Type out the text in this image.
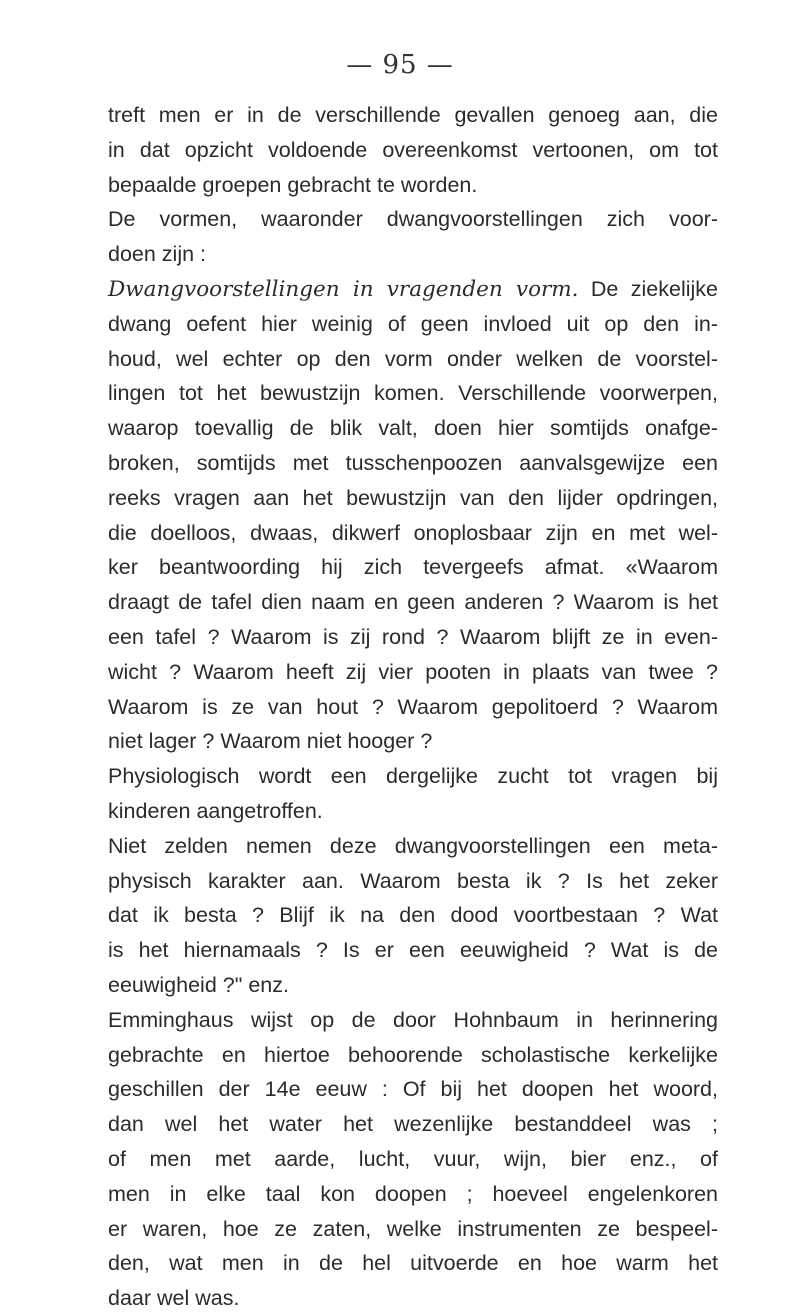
— 95 —
treft men er in de verschillende gevallen genoeg aan, die
in dat opzicht voldoende overeenkomst vertoonen, om tot
bepaalde groepen gebracht te worden.
De vormen, waaronder dwangvoorstellingen zich voor-
doen zijn :
Dwangvoorstellingen in vragenden vorm. De ziekelijke
dwang oefent hier weinig of geen invloed uit op den in-
houd, wel echter op den vorm onder welken de voorstel-
lingen tot het bewustzijn komen. Verschillende voorwerpen,
waarop toevallig de blik valt, doen hier somtijds onafge-
broken, somtijds met tusschenpoozen aanvalsgewijze een
reeks vragen aan het bewustzijn van den lijder opdringen,
die doelloos, dwaas, dikwerf onoplosbaar zijn en met wel-
ker beantwoording hij zich tevergeefs afmat. «Waarom
draagt de tafel dien naam en geen anderen ? Waarom is het
een tafel ? Waarom is zij rond ? Waarom blijft ze in even-
wicht ? Waarom heeft zij vier pooten in plaats van twee ?
Waarom is ze van hout ? Waarom gepolitoerd ? Waarom
niet lager ? Waarom niet hooger ?
Physiologisch wordt een dergelijke zucht tot vragen bij
kinderen aangetroffen.
Niet zelden nemen deze dwangvoorstellingen een meta-
physisch karakter aan. Waarom besta ik ? Is het zeker
dat ik besta ? Blijf ik na den dood voortbestaan ? Wat
is het hiernamaals ? Is er een eeuwigheid ? Wat is de
eeuwigheid ?" enz.
Emminghaus wijst op de door Hohnbaum in herinnering
gebrachte en hiertoe behoorende scholastische kerkelijke
geschillen der 14e eeuw : Of bij het doopen het woord,
dan wel het water het wezenlijke bestanddeel was ;
of men met aarde, lucht, vuur, wijn, bier enz., of
men in elke taal kon doopen ; hoeveel engelenkoren
er waren, hoe ze zaten, welke instrumenten ze bespeel-
den, wat men in de hel uitvoerde en hoe warm het
daar wel was.
